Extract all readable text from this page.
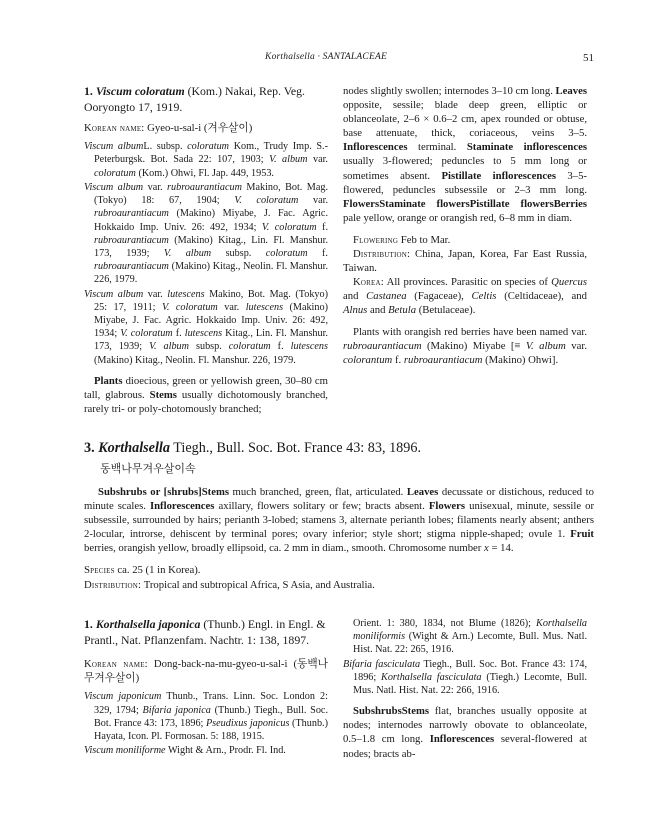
Korthalsella · SANTALACEAE	51

1. Viscum coloratum (Kom.) Nakai, Rep. Veg. Ooryongto 17, 1919.

Korean name: Gyeo-u-sal-i (겨우살이)

Viscum albumL. subsp. coloratum Kom., Trudy Imp. S.-Peterburgsk. Bot. Sada 22: 107, 1903; V. album var. coloratum (Kom.) Ohwi, Fl. Jap. 449, 1953.

Viscum album var. rubroaurantiacum Makino, Bot. Mag. (Tokyo) 18: 67, 1904; V. coloratum var. rubroaurantiacum (Makino) Miyabe, J. Fac. Agric. Hokkaido Imp. Univ. 26: 492, 1934; V. coloratum f. rubroaurantiacum (Makino) Kitag., Lin. Fl. Manshur. 173, 1939; V. album subsp. coloratum f. rubroaurantiacum (Makino) Kitag., Neolin. Fl. Manshur. 226, 1979.

Viscum album var. lutescens Makino, Bot. Mag. (Tokyo) 25: 17, 1911; V. coloratum var. lutescens (Makino) Miyabe, J. Fac. Agric. Hokkaido Imp. Univ. 26: 492, 1934; V. coloratum f. lutescens Kitag., Lin. Fl. Manshur. 173, 1939; V. album subsp. coloratum f. lutescens (Makino) Kitag., Neolin. Fl. Manshur. 226, 1979.

Plants dioecious, green or yellowish green, 30–80 cm tall, glabrous. Stems usually dichotomously branched, rarely tri- or poly-chotomously branched;

nodes slightly swollen; internodes 3–10 cm long. Leaves opposite, sessile; blade deep green, elliptic or oblanceolate, 2–6 × 0.6–2 cm, apex rounded or obtuse, base attenuate, thick, coriaceous, veins 3–5. Inflorescences terminal. Staminate inflorescences usually 3-flowered; peduncles to 5 mm long or sometimes absent. Pistillate inflorescences 3–5-flowered, peduncles subsessile or 2–3 mm long. FlowersStaminate flowersPistillate flowersBerries pale yellow, orange or orangish red, 6–8 mm in diam.

Flowering Feb to Mar.

Distribution: China, Japan, Korea, Far East Russia, Taiwan.

Korea: All provinces. Parasitic on species of Quercus and Castanea (Fagaceae), Celtis (Celtidaceae), and Alnus and Betula (Betulaceae).

Plants with orangish red berries have been named var. rubroaurantiacum (Makino) Miyabe [≡ V. album var. colorantum f. rubroaurantiacum (Makino) Ohwi].

3. Korthalsella Tiegh., Bull. Soc. Bot. France 43: 83, 1896.

동백나무겨우살이속

Subshrubs or [shrubs]Stems much branched, green, flat, articulated. Leaves decussate or distichous, reduced to minute scales. Inflorescences axillary, flowers solitary or few; bracts absent. Flowers unisexual, minute, sessile or subsessile, surrounded by hairs; perianth 3-lobed; stamens 3, alternate perianth lobes; filaments nearly absent; anthers 2-locular, introrse, dehiscent by terminal pores; ovary inferior; style short; stigma nipple-shaped; ovule 1. Fruit berries, orangish yellow, broadly ellipsoid, ca. 2 mm in diam., smooth. Chromosome number x = 14.

Species ca. 25 (1 in Korea).

Distribution: Tropical and subtropical Africa, S Asia, and Australia.

1. Korthalsella japonica (Thunb.) Engl. in Engl. & Prantl., Nat. Pflanzenfam. Nachtr. 1: 138, 1897.

Korean name: Dong-back-na-mu-gyeo-u-sal-i (동백나무겨우살이)

Viscum japonicum Thunb., Trans. Linn. Soc. London 2: 329, 1794; Bifaria japonica (Thunb.) Tiegh., Bull. Soc. Bot. France 43: 173, 1896; Pseudixus japonicus (Thunb.) Hayata, Icon. Pl. Formosan. 5: 188, 1915.

Viscum moniliforme Wight & Arn., Prodr. Fl. Ind.

Orient. 1: 380, 1834, not Blume (1826); Korthalsella moniliformis (Wight & Arn.) Lecomte, Bull. Mus. Natl. Hist. Nat. 22: 265, 1916.

Bifaria fasciculata Tiegh., Bull. Soc. Bot. France 43: 174, 1896; Korthalsella fasciculata (Tiegh.) Lecomte, Bull. Mus. Natl. Hist. Nat. 22: 266, 1916.

SubshrubsStems flat, branches usually opposite at nodes; internodes narrowly obovate to oblanceolate, 0.5–1.8 cm long. Inflorescences several-flowered at nodes; bracts ab-
